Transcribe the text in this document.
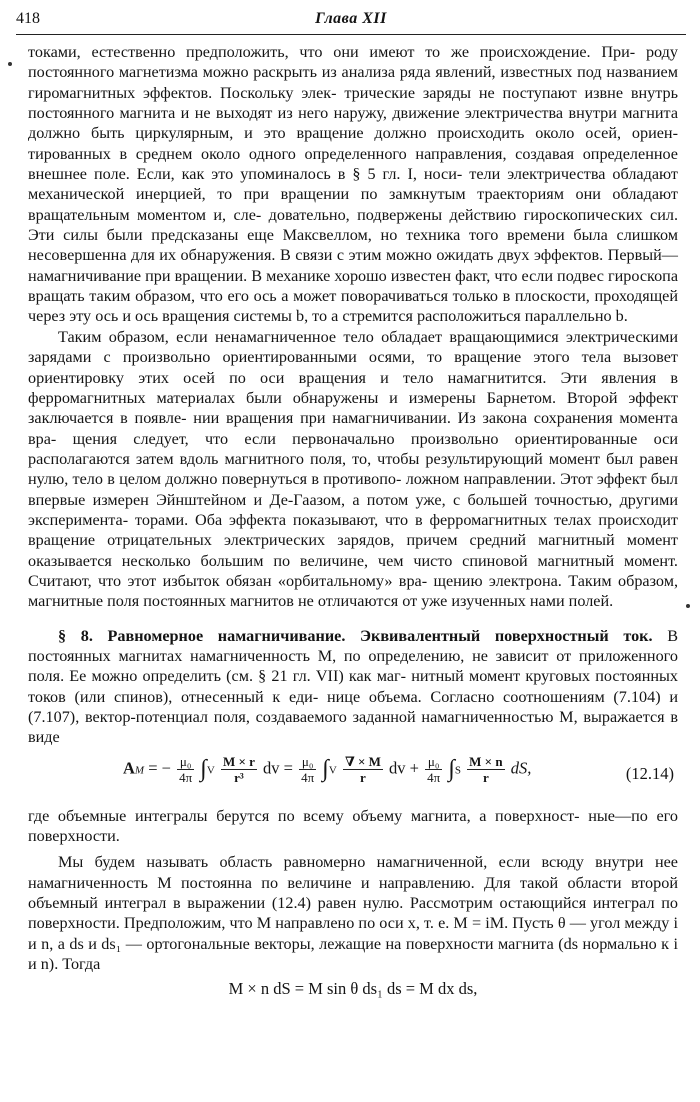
418	Глава XII
токами, естественно предположить, что они имеют то же происхождение. При- роду постоянного магнетизма можно раскрыть из анализа ряда явлений, известных под названием гиромагнитных эффектов. Поскольку элек- трические заряды не поступают извне внутрь постоянного магнита и не выходят из него наружу, движение электричества внутри магнита должно быть циркулярным, и это вращение должно происходить около осей, ориен- тированных в среднем около одного определенного направления, создавая определенное внешнее поле. Если, как это упоминалось в § 5 гл. I, носи- тели электричества обладают механической инерцией, то при вращении по замкнутым траекториям они обладают вращательным моментом и, сле- довательно, подвержены действию гироскопических сил. Эти силы были предсказаны еще Максвеллом, но техника того времени была слишком несовершенна для их обнаружения. В связи с этим можно ожидать двух эффектов. Первый—намагничивание при вращении. В механике хорошо известен факт, что если подвес гироскопа вращать таким образом, что его ось a может поворачиваться только в плоскости, проходящей через эту ось и ось вращения системы b, то a стремится расположиться параллельно b.
Таким образом, если ненамагниченное тело обладает вращающимися электрическими зарядами с произвольно ориентированными осями, то вращение этого тела вызовет ориентировку этих осей по оси вращения и тело намагнитится. Эти явления в ферромагнитных материалах были обнаружены и измерены Барнетом. Второй эффект заключается в появле- нии вращения при намагничивании. Из закона сохранения момента вра- щения следует, что если первоначально произвольно ориентированные оси располагаются затем вдоль магнитного поля, то, чтобы результирующий момент был равен нулю, тело в целом должно повернуться в противопо- ложном направлении. Этот эффект был впервые измерен Эйнштейном и Де-Гаазом, а потом уже, с большей точностью, другими эксперимента- торами. Оба эффекта показывают, что в ферромагнитных телах происходит вращение отрицательных электрических зарядов, причем средний магнитный момент оказывается несколько большим по величине, чем чисто спиновой магнитный момент. Считают, что этот избыток обязан «орбитальному» вра- щению электрона. Таким образом, магнитные поля постоянных магнитов не отличаются от уже изученных нами полей.
§ 8. Равномерное намагничивание. Эквивалентный поверхностный ток. В постоянных магнитах намагниченность M, по определению, не зависит от приложенного поля. Ее можно определить (см. § 21 гл. VII) как маг- нитный момент круговых постоянных токов (или спинов), отнесенный к еди- нице объема. Согласно соотношениям (7.104) и (7.107), вектор-потенциал поля, создаваемого заданной намагниченностью M, выражается в виде
AM = − $\frac{\text{μ₀}}{4\pi} \int V \frac{M \times r}{\text{r³}}$ dv = $\frac{\text{μ₀}}{4\pi} \int V \frac{\nabla \times M}{r}$ dv + $\frac{\text{μ₀}}{4\pi} \int S \frac{M \times n}{r}$ dS,	(12.14)
где объемные интегралы берутся по всему объему магнита, а поверхност- ные—по его поверхности.
Мы будем называть область равномерно намагниченной, если всюду внутри нее намагниченность M постоянна по величине и направлению. Для такой области второй объемный интеграл в выражении (12.4) равен нулю. Рассмотрим остающийся интеграл по поверхности. Предположим, что M направлено по оси x, т. е. M = iM. Пусть θ — угол между i и n, a ds и ds₁ — ортогональные векторы, лежащие на поверхности магнита (ds нормально к i и n). Тогда
M × n dS = M sin θ ds₁ ds = M dx ds,
